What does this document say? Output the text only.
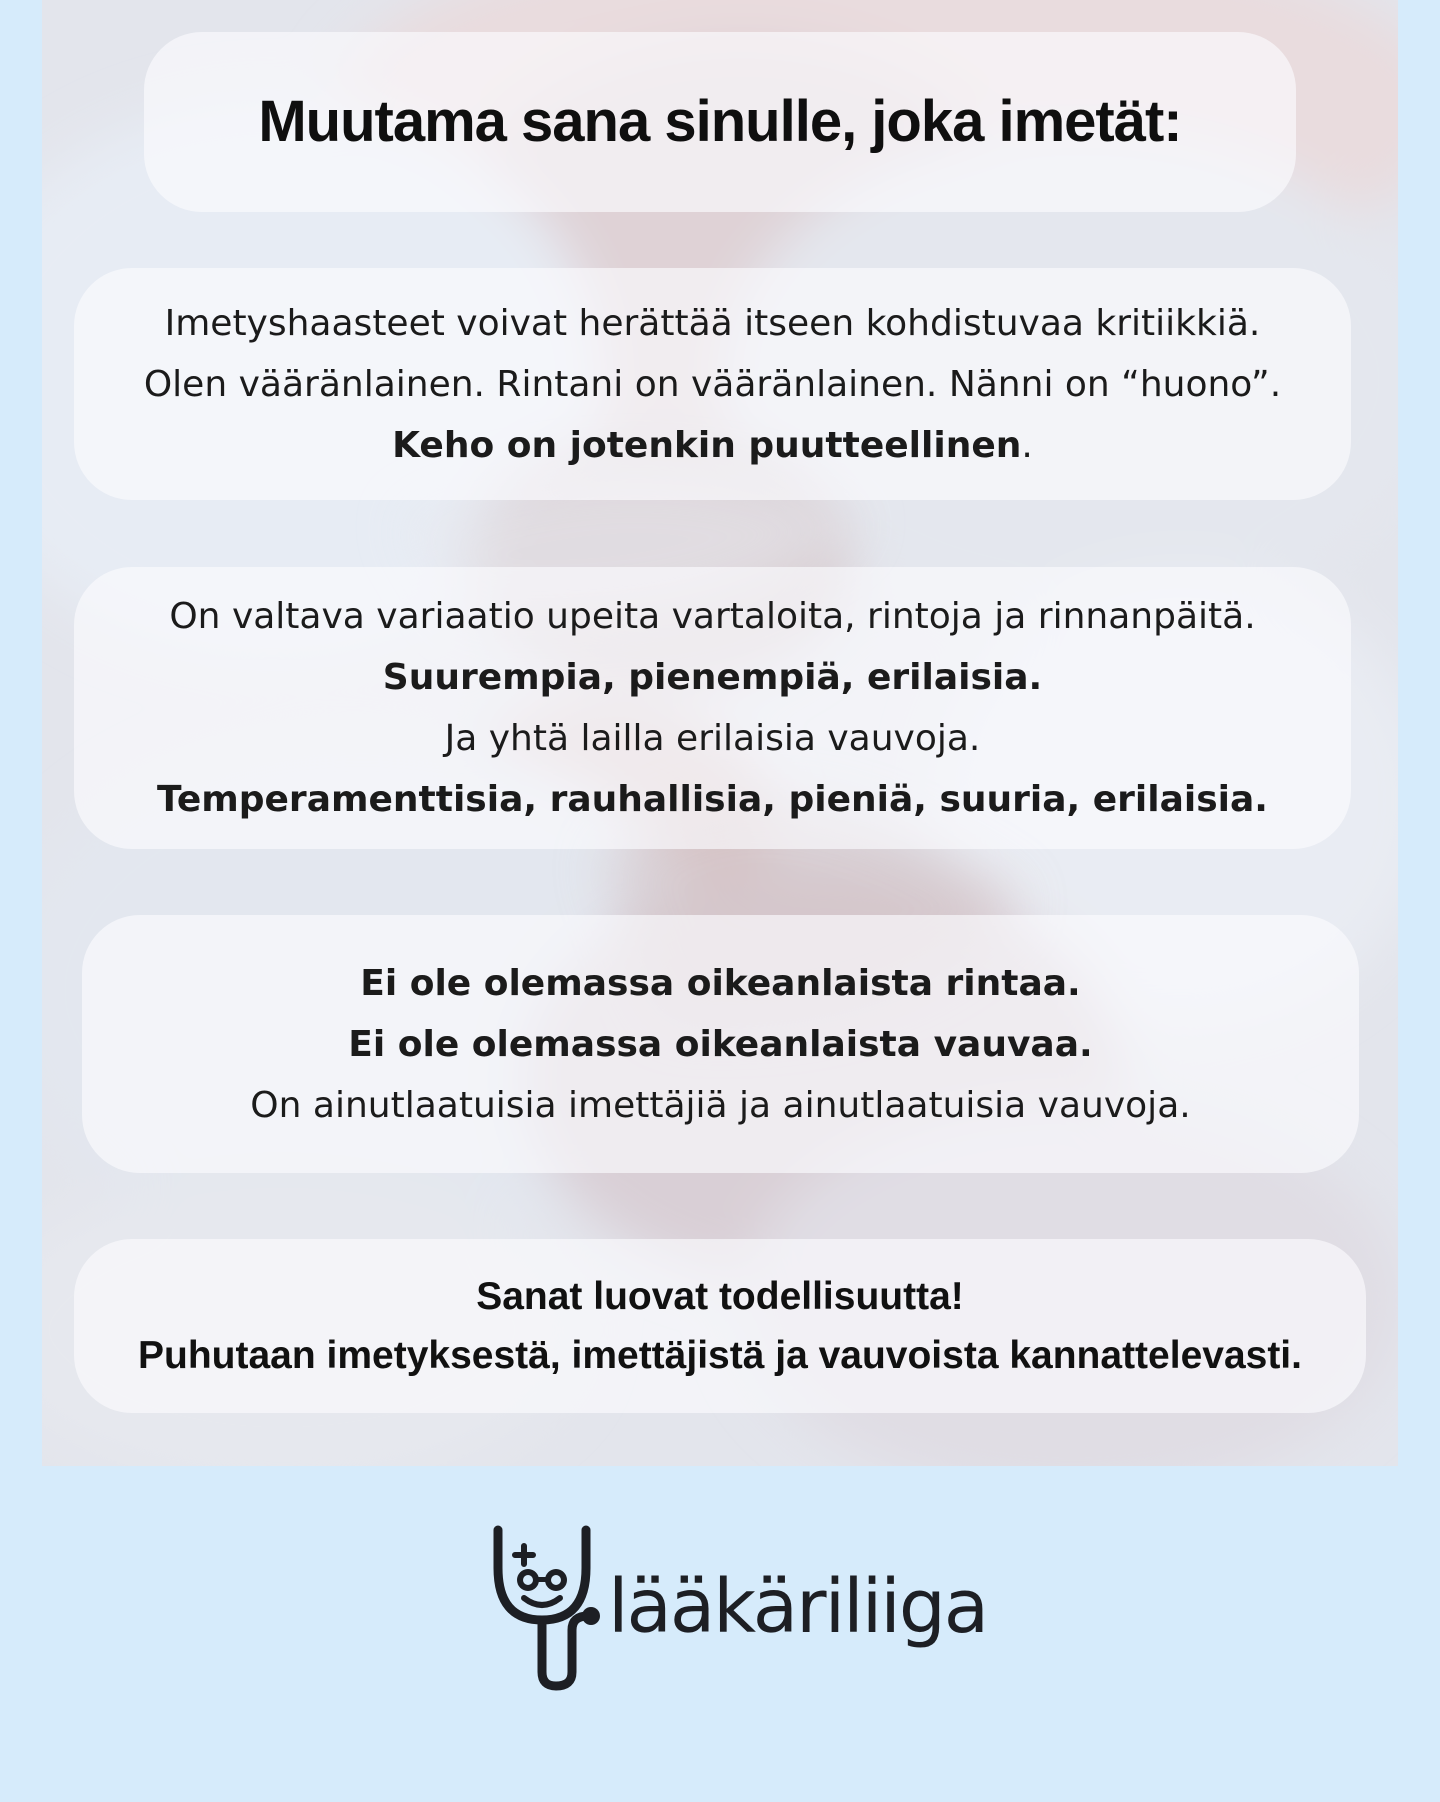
Muutama sana sinulle, joka imetät:
Imetyshaasteet voivat herättää itseen kohdistuvaa kritiikkiä.
Olen vääränlainen. Rintani on vääränlainen. Nänni on “huono”.
Keho on jotenkin puutteellinen.
On valtava variaatio upeita vartaloita, rintoja ja rinnanpäitä.
Suurempia, pienempiä, erilaisia.
Ja yhtä lailla erilaisia vauvoja.
Temperamenttisia, rauhallisia, pieniä, suuria, erilaisia.
Ei ole olemassa oikeanlaista rintaa.
Ei ole olemassa oikeanlaista vauvaa.
On ainutlaatuisia imettäjiä ja ainutlaatuisia vauvoja.
Sanat luovat todellisuutta!
Puhutaan imetyksestä, imettäjistä ja vauvoista kannattelevasti.
lääkäriliiga
